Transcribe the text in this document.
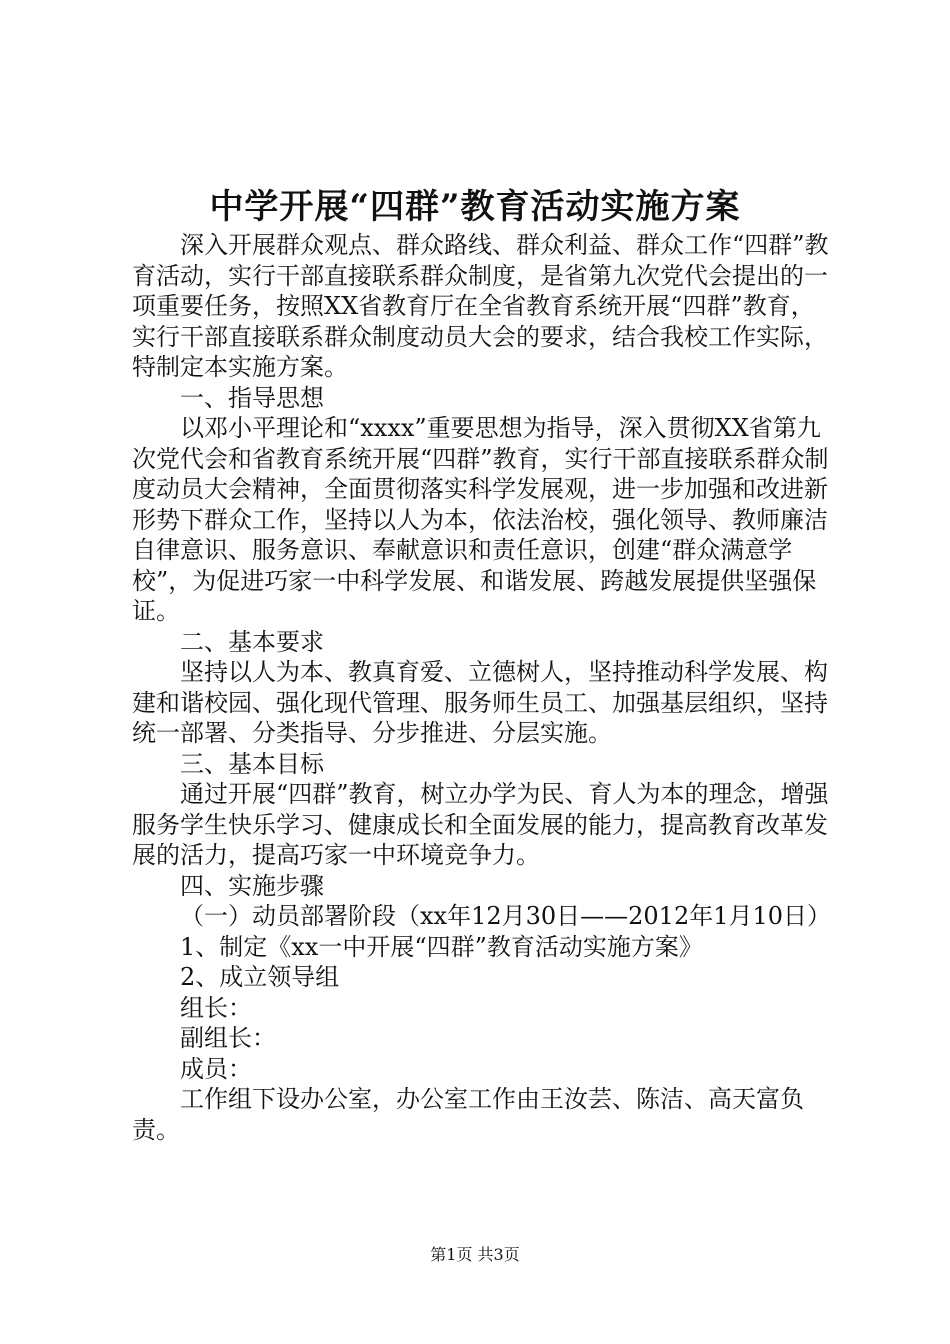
中学开展“四群”教育活动实施方案

深入开展群众观点、群众路线、群众利益、群众工作“四群”教育活动，实行干部直接联系群众制度，是省第九次党代会提出的一项重要任务，按照XX省教育厅在全省教育系统开展“四群”教育，实行干部直接联系群众制度动员大会的要求，结合我校工作实际，特制定本实施方案。

一、指导思想

以邓小平理论和“xxxx”重要思想为指导，深入贯彻XX省第九次党代会和省教育系统开展“四群”教育，实行干部直接联系群众制度动员大会精神，全面贯彻落实科学发展观，进一步加强和改进新形势下群众工作，坚持以人为本，依法治校，强化领导、教师廉洁自律意识、服务意识、奉献意识和责任意识，创建“群众满意学校”，为促进巧家一中科学发展、和谐发展、跨越发展提供坚强保证。

二、基本要求

坚持以人为本、教真育爱、立德树人，坚持推动科学发展、构建和谐校园、强化现代管理、服务师生员工、加强基层组织，坚持统一部署、分类指导、分步推进、分层实施。

三、基本目标

通过开展“四群”教育，树立办学为民、育人为本的理念，增强服务学生快乐学习、健康成长和全面发展的能力，提高教育改革发展的活力，提高巧家一中环境竞争力。

四、实施步骤

（一）动员部署阶段（xx年12月30日——2012年1月10日）

1、制定《xx一中开展“四群”教育活动实施方案》

2、成立领导组

组长：

副组长：

成员：

工作组下设办公室，办公室工作由王汝芸、陈洁、高天富负责。

第1页 共3页
